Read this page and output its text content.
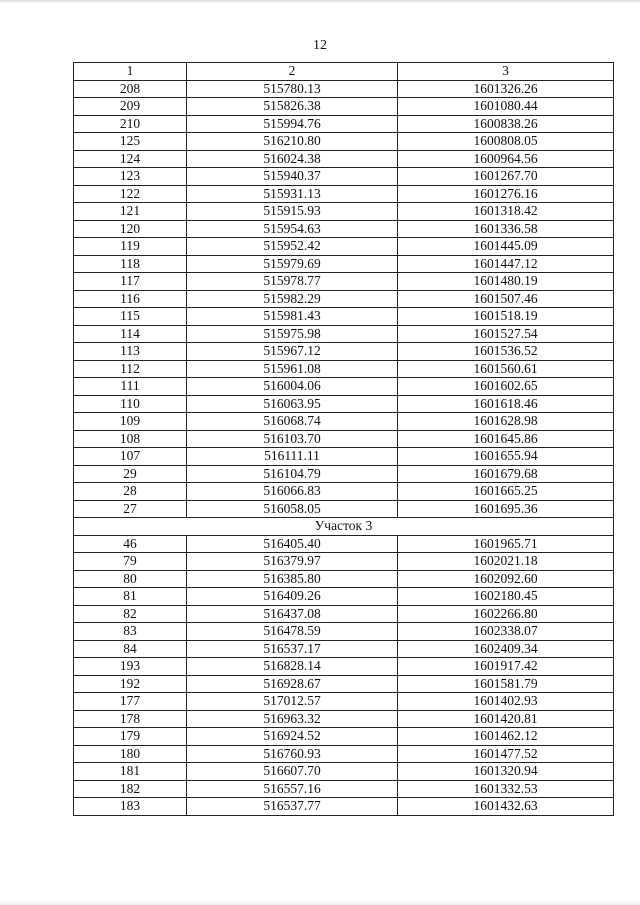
12
1	2	3
208	515780.13	1601326.26
209	515826.38	1601080.44
210	515994.76	1600838.26
125	516210.80	1600808.05
124	516024.38	1600964.56
123	515940.37	1601267.70
122	515931.13	1601276.16
121	515915.93	1601318.42
120	515954.63	1601336.58
119	515952.42	1601445.09
118	515979.69	1601447.12
117	515978.77	1601480.19
116	515982.29	1601507.46
115	515981.43	1601518.19
114	515975.98	1601527.54
113	515967.12	1601536.52
112	515961.08	1601560.61
111	516004.06	1601602.65
110	516063.95	1601618.46
109	516068.74	1601628.98
108	516103.70	1601645.86
107	516111.11	1601655.94
29	516104.79	1601679.68
28	516066.83	1601665.25
27	516058.05	1601695.36
Участок 3		
46	516405.40	1601965.71
79	516379.97	1602021.18
80	516385.80	1602092.60
81	516409.26	1602180.45
82	516437.08	1602266.80
83	516478.59	1602338.07
84	516537.17	1602409.34
193	516828.14	1601917.42
192	516928.67	1601581.79
177	517012.57	1601402.93
178	516963.32	1601420.81
179	516924.52	1601462.12
180	516760.93	1601477.52
181	516607.70	1601320.94
182	516557.16	1601332.53
183	516537.77	1601432.63
